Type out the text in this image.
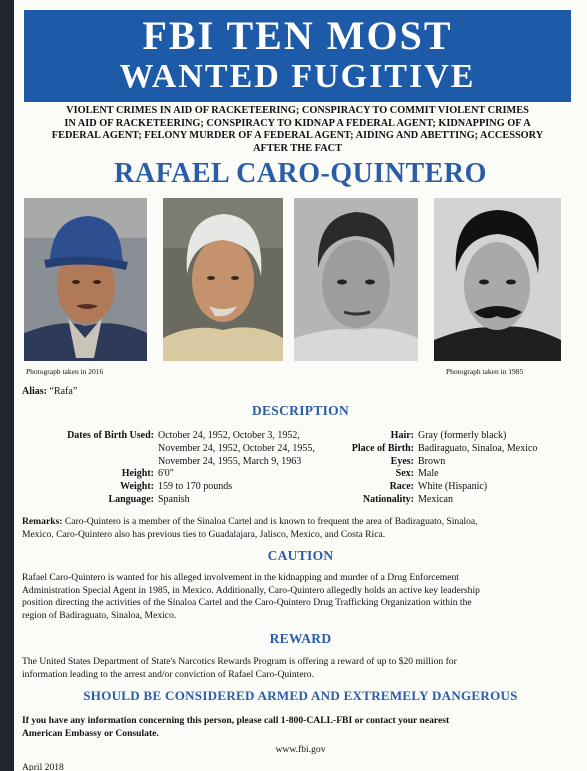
FBI TEN MOST
WANTED FUGITIVE
VIOLENT CRIMES IN AID OF RACKETEERING; CONSPIRACY TO COMMIT VIOLENT CRIMES
IN AID OF RACKETEERING; CONSPIRACY TO KIDNAP A FEDERAL AGENT; KIDNAPPING OF A
FEDERAL AGENT; FELONY MURDER OF A FEDERAL AGENT; AIDING AND ABETTING; ACCESSORY
AFTER THE FACT
RAFAEL CARO-QUINTERO
Photograph taken in 2016	Photograph taken in 1985
Alias: “Rafa”
DESCRIPTION
Dates of Birth Used: October 24, 1952, October 3, 1952,
November 24, 1952, October 24, 1955,
November 24, 1955, March 9, 1963
6'0"
159 to 170 pounds
Spanish
Height:
Weight:
Language:
Hair:
Place of Birth:
Eyes:
Sex:
Race:
Nationality:
Gray (formerly black)
Badiraguato, Sinaloa, Mexico
Brown
Male
White (Hispanic)
Mexican
Remarks: Caro-Quintero is a member of the Sinaloa Cartel and is known to frequent the area of Badiraguato, Sinaloa,
Mexico. Caro-Quintero also has previous ties to Guadalajara, Jalisco, Mexico, and Costa Rica.
CAUTION
Rafael Caro-Quintero is wanted for his alleged involvement in the kidnapping and murder of a Drug Enforcement
Administration Special Agent in 1985, in Mexico. Additionally, Caro-Quintero allegedly holds an active key leadership
position directing the activities of the Sinaloa Cartel and the Caro-Quintero Drug Trafficking Organization within the
region of Badiraguato, Sinaloa, Mexico.
REWARD
The United States Department of State's Narcotics Rewards Program is offering a reward of up to $20 million for
information leading to the arrest and/or conviction of Rafael Caro-Quintero.
SHOULD BE CONSIDERED ARMED AND EXTREMELY DANGEROUS
If you have any information concerning this person, please call 1-800-CALL-FBI or contact your nearest
American Embassy or Consulate.
www.fbi.gov
April 2018
